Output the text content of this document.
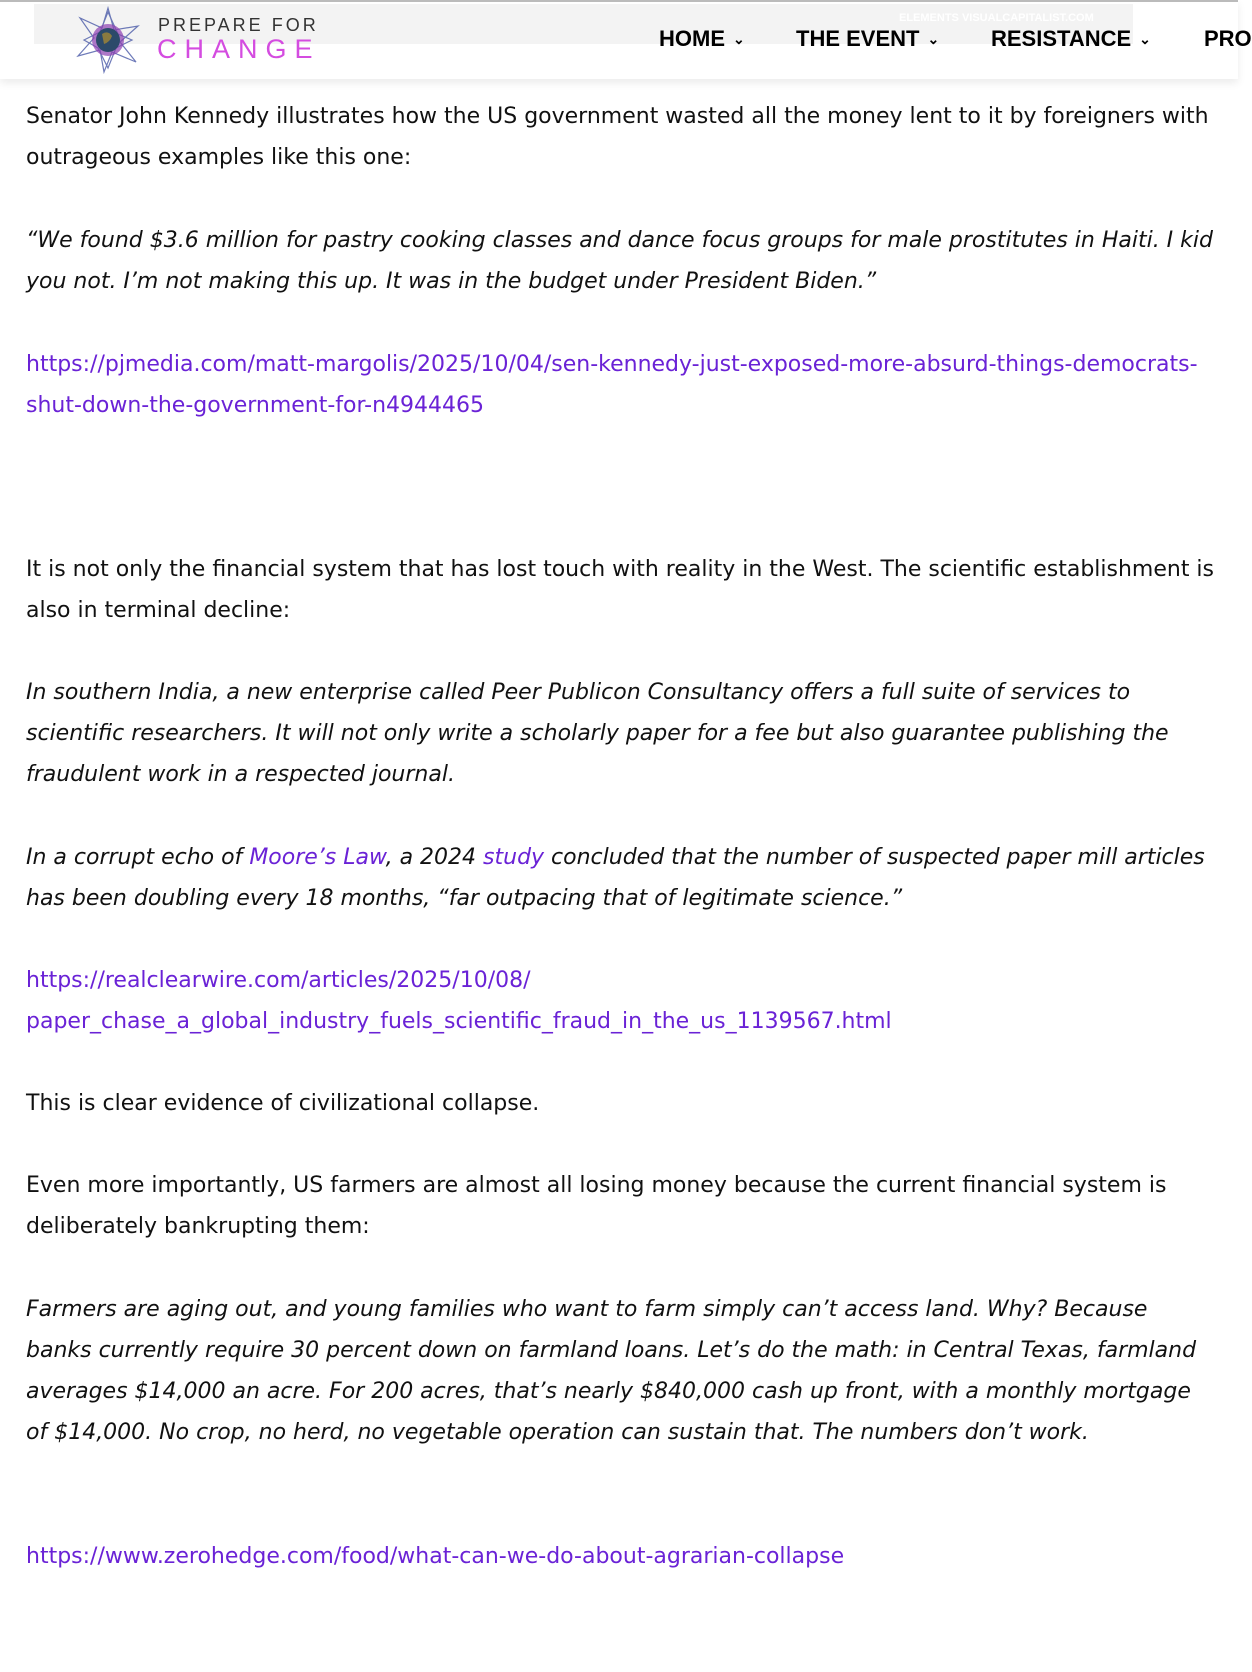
ELEMENTS VISUALCAPITALIST.COM
PREPARE FOR
CHANGE	HOME ⌄ THE EVENT ⌄ RESISTANCE ⌄ PRO
Senator John Kennedy illustrates how the US government wasted all the money lent to it by foreigners with outrageous examples like this one:
“We found $3.6 million for pastry cooking classes and dance focus groups for male prostitutes in Haiti. I kid you not. I’m not making this up. It was in the budget under President Biden.”
https://pjmedia.com/matt-margolis/2025/10/04/sen-kennedy-just-exposed-more-absurd-things-democrats-shut-down-the-government-for-n4944465
It is not only the financial system that has lost touch with reality in the West. The scientific establishment is also in terminal decline:
In southern India, a new enterprise called Peer Publicon Consultancy offers a full suite of services to scientific researchers. It will not only write a scholarly paper for a fee but also guarantee publishing the fraudulent work in a respected journal.
In a corrupt echo of Moore’s Law, a 2024 study concluded that the number of suspected paper mill articles has been doubling every 18 months, “far outpacing that of legitimate science.”
https://realclearwire.com/articles/2025/10/08/
paper_chase_a_global_industry_fuels_scientific_fraud_in_the_us_1139567.html
This is clear evidence of civilizational collapse.
Even more importantly, US farmers are almost all losing money because the current financial system is deliberately bankrupting them:
Farmers are aging out, and young families who want to farm simply can’t access land. Why? Because banks currently require 30 percent down on farmland loans. Let’s do the math: in Central Texas, farmland averages $14,000 an acre. For 200 acres, that’s nearly $840,000 cash up front, with a monthly mortgage of $14,000. No crop, no herd, no vegetable operation can sustain that. The numbers don’t work.
https://www.zerohedge.com/food/what-can-we-do-about-agrarian-collapse
